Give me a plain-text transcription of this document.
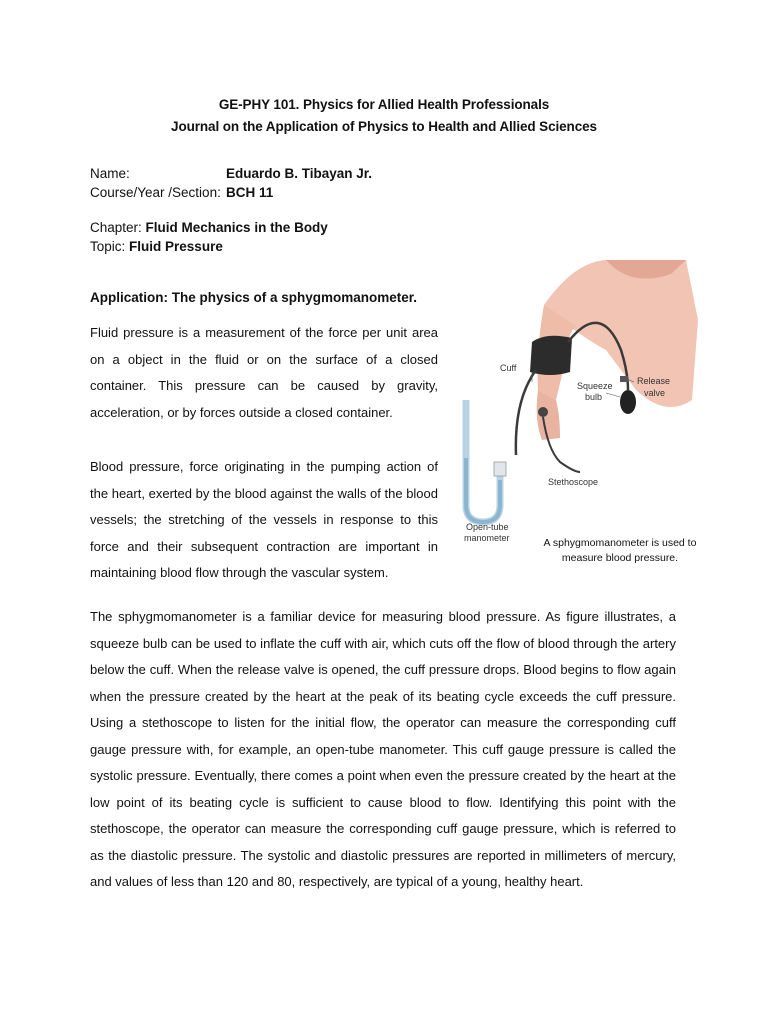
GE-PHY 101. Physics for Allied Health Professionals
Journal on the Application of Physics to Health and Allied Sciences
Name:	Eduardo B. Tibayan Jr.
Course/Year /Section: BCH 11
Chapter: Fluid Mechanics in the Body
Topic: Fluid Pressure
Application: The physics of a sphygmomanometer.
Fluid pressure is a measurement of the force per unit area on a object in the fluid or on the surface of a closed container. This pressure can be caused by gravity, acceleration, or by forces outside a closed container.
Blood pressure, force originating in the pumping action of the heart, exerted by the blood against the walls of the blood vessels; the stretching of the vessels in response to this force and their subsequent contraction are important in maintaining blood flow through the vascular system.
The sphygmomanometer is a familiar device for measuring blood pressure. As figure illustrates, a squeeze bulb can be used to inflate the cuff with air, which cuts off the flow of blood through the artery below the cuff. When the release valve is opened, the cuff pressure drops. Blood begins to flow again when the pressure created by the heart at the peak of its beating cycle exceeds the cuff pressure. Using a stethoscope to listen for the initial flow, the operator can measure the corresponding cuff gauge pressure with, for example, an open-tube manometer. This cuff gauge pressure is called the systolic pressure. Eventually, there comes a point when even the pressure created by the heart at the low point of its beating cycle is sufficient to cause blood to flow. Identifying this point with the stethoscope, the operator can measure the corresponding cuff gauge pressure, which is referred to as the diastolic pressure. The systolic and diastolic pressures are reported in millimeters of mercury, and values of less than 120 and 80, respectively, are typical of a young, healthy heart.
Cuff
Squeeze
bulb
Release
valve
Stethoscope
Open-tube
manometer	A sphygmomanometer is used to
measure blood pressure.
